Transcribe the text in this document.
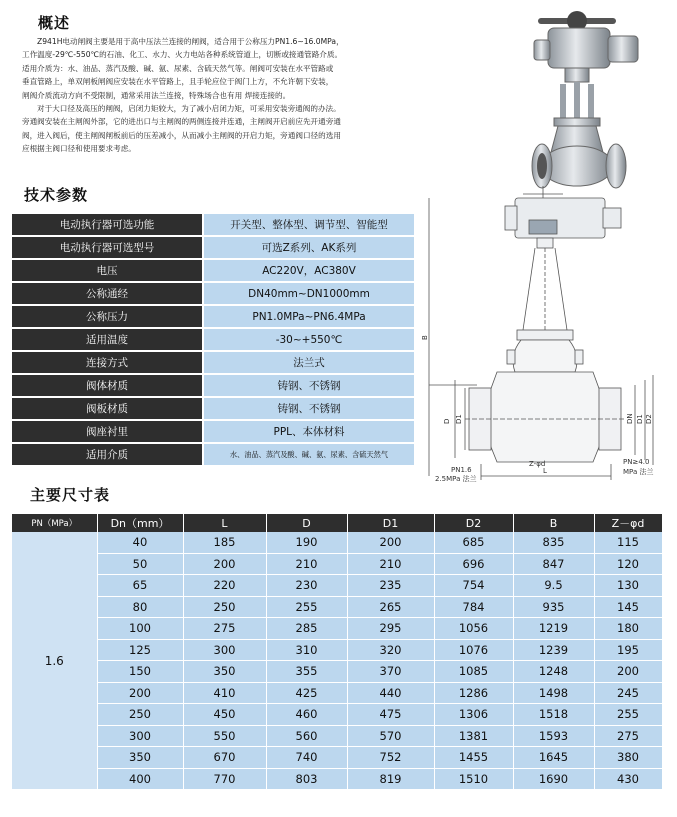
概述

Z941H电动闸阀主要是用于高中压法兰连接的闸阀，适合用于公称压力PN1.6~16.0MPa，

工作温度-29℃-550℃的石油、化工、水力、火力电站各种系统管道上，切断或接通管路介质。

适用介质为：水、油品、蒸汽及酸、碱、氨、尿素、含硫天然气等。闸阀可安装在水平管路或

垂直管路上，单双闸板闸阀应安装在水平管路上，且手轮应位于阀门上方，不允许朝下安装，

闸阀介质流动方向不受限制，通常采用法兰连接，特殊场合也有用 焊接连接的。

对于大口径及高压的闸阀，启闭力矩较大，为了减小启闭力矩，可采用安装旁通阀的办法。

旁通阀安装在主闸阀外部，它的进出口与主闸阀的两侧连接并连通，主闸阀开启前应先开通旁通

阀，进入阀后，使主闸阀闸板前后的压差减小，从而减小主闸阀的开启力矩，旁通阀口径的选用

应根据主阀口径和使用要求考虑。

技术参数
电动执行器可选功能	开关型、整体型、调节型、智能型
电动执行器可选型号	可选Z系列、AK系列
电压	AC220V，AC380V
公称通经	DN40mm~DN1000mm
公称压力	PN1.0MPa~PN6.4MPa
适用温度	-30~+550℃
连接方式	法兰式
阀体材质	铸钢、不锈钢
阀板材质	铸钢、不锈钢
阀座衬里	PPL、本体材料
适用介质	水、油品、蒸汽及酸、碱、氨、尿素、含硫天然气
D D1	DN D1 D2
L
B
PN1.6
2.5MPa 法兰
Z-φd	PN≥4.0
MPa 法兰
主要尺寸表
PN（MPa）	Dn（mm）	L	D	D1	D2	B	Z－φd
1.6	40	185	190	200	685	835	115
	50	200	210	210	696	847	120
	65	220	230	235	754	9.5	130
	80	250	255	265	784	935	145
	100	275	285	295	1056	1219	180
	125	300	310	320	1076	1239	195
	150	350	355	370	1085	1248	200
	200	410	425	440	1286	1498	245
	250	450	460	475	1306	1518	255
	300	550	560	570	1381	1593	275
	350	670	740	752	1455	1645	380
	400	770	803	819	1510	1690	430
